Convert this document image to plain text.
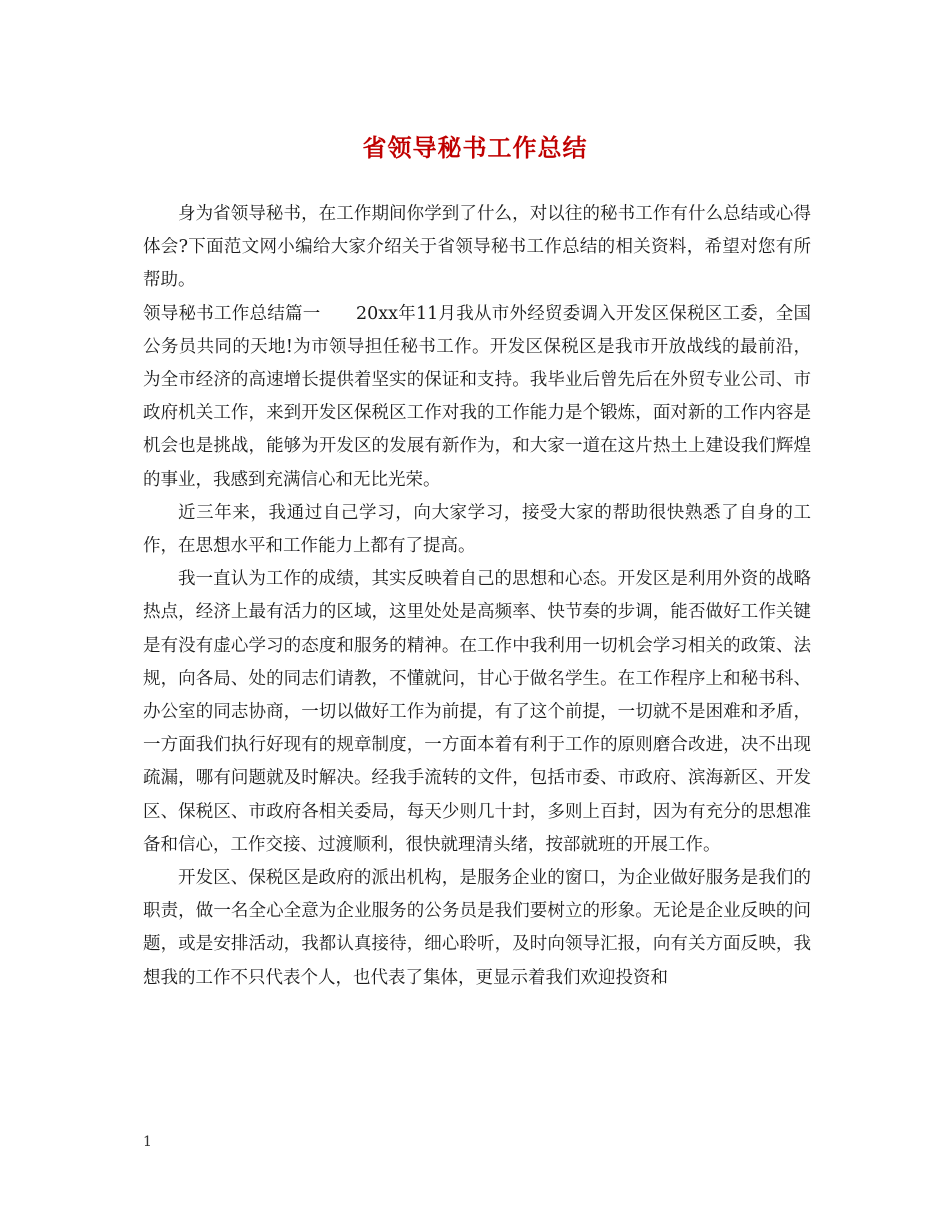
省领导秘书工作总结

身为省领导秘书，在工作期间你学到了什么，对以往的秘书工作有什么总结或心得体会?下面范文网小编给大家介绍关于省领导秘书工作总结的相关资料，希望对您有所帮助。

领导秘书工作总结篇一　　20xx年11月我从市外经贸委调入开发区保税区工委，全国公务员共同的天地!为市领导担任秘书工作。开发区保税区是我市开放战线的最前沿，为全市经济的高速增长提供着坚实的保证和支持。我毕业后曾先后在外贸专业公司、市政府机关工作，来到开发区保税区工作对我的工作能力是个锻炼，面对新的工作内容是机会也是挑战，能够为开发区的发展有新作为，和大家一道在这片热土上建设我们辉煌的事业，我感到充满信心和无比光荣。

近三年来，我通过自己学习，向大家学习，接受大家的帮助很快熟悉了自身的工作，在思想水平和工作能力上都有了提高。

我一直认为工作的成绩，其实反映着自己的思想和心态。开发区是利用外资的战略热点，经济上最有活力的区域，这里处处是高频率、快节奏的步调，能否做好工作关键是有没有虚心学习的态度和服务的精神。在工作中我利用一切机会学习相关的政策、法规，向各局、处的同志们请教，不懂就问，甘心于做名学生。在工作程序上和秘书科、办公室的同志协商，一切以做好工作为前提，有了这个前提，一切就不是困难和矛盾，一方面我们执行好现有的规章制度，一方面本着有利于工作的原则磨合改进，决不出现疏漏，哪有问题就及时解决。经我手流转的文件，包括市委、市政府、滨海新区、开发区、保税区、市政府各相关委局，每天少则几十封，多则上百封，因为有充分的思想准备和信心，工作交接、过渡顺利，很快就理清头绪，按部就班的开展工作。

开发区、保税区是政府的派出机构，是服务企业的窗口，为企业做好服务是我们的职责，做一名全心全意为企业服务的公务员是我们要树立的形象。无论是企业反映的问题，或是安排活动，我都认真接待，细心聆听，及时向领导汇报，向有关方面反映，我想我的工作不只代表个人，也代表了集体，更显示着我们欢迎投资和

1
